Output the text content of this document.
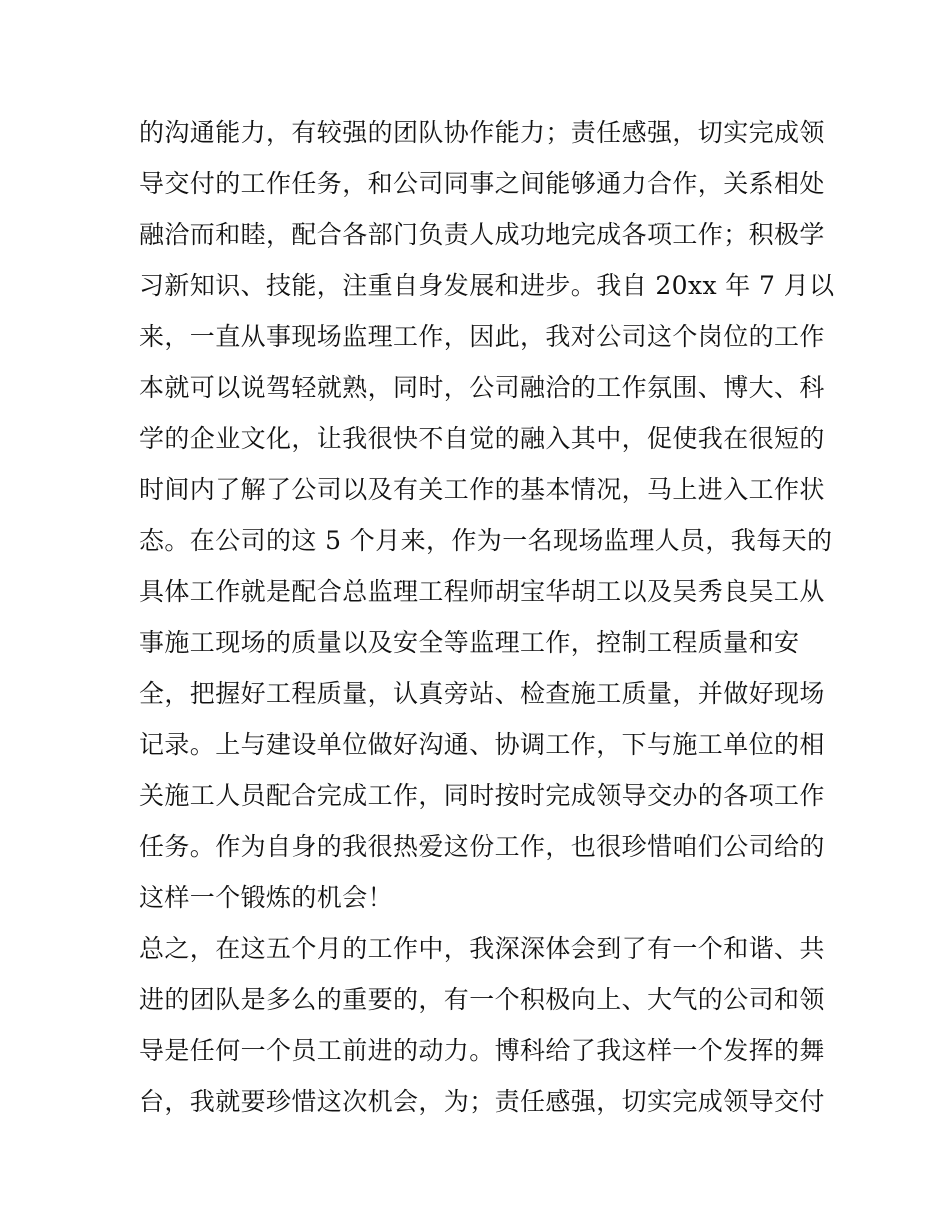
的沟通能力，有较强的团队协作能力；责任感强，切实完成领
导交付的工作任务，和公司同事之间能够通力合作，关系相处
融洽而和睦，配合各部门负责人成功地完成各项工作；积极学
习新知识、技能，注重自身发展和进步。我自 20xx 年 7 月以
来，一直从事现场监理工作，因此，我对公司这个岗位的工作
本就可以说驾轻就熟，同时，公司融洽的工作氛围、博大、科
学的企业文化，让我很快不自觉的融入其中，促使我在很短的
时间内了解了公司以及有关工作的基本情况，马上进入工作状
态。在公司的这 5 个月来，作为一名现场监理人员，我每天的
具体工作就是配合总监理工程师胡宝华胡工以及吴秀良吴工从
事施工现场的质量以及安全等监理工作，控制工程质量和安
全，把握好工程质量，认真旁站、检查施工质量，并做好现场
记录。上与建设单位做好沟通、协调工作，下与施工单位的相
关施工人员配合完成工作，同时按时完成领导交办的各项工作
任务。作为自身的我很热爱这份工作，也很珍惜咱们公司给的
这样一个锻炼的机会！
总之，在这五个月的工作中，我深深体会到了有一个和谐、共
进的团队是多么的重要的，有一个积极向上、大气的公司和领
导是任何一个员工前进的动力。博科给了我这样一个发挥的舞
台，我就要珍惜这次机会，为；责任感强，切实完成领导交付
